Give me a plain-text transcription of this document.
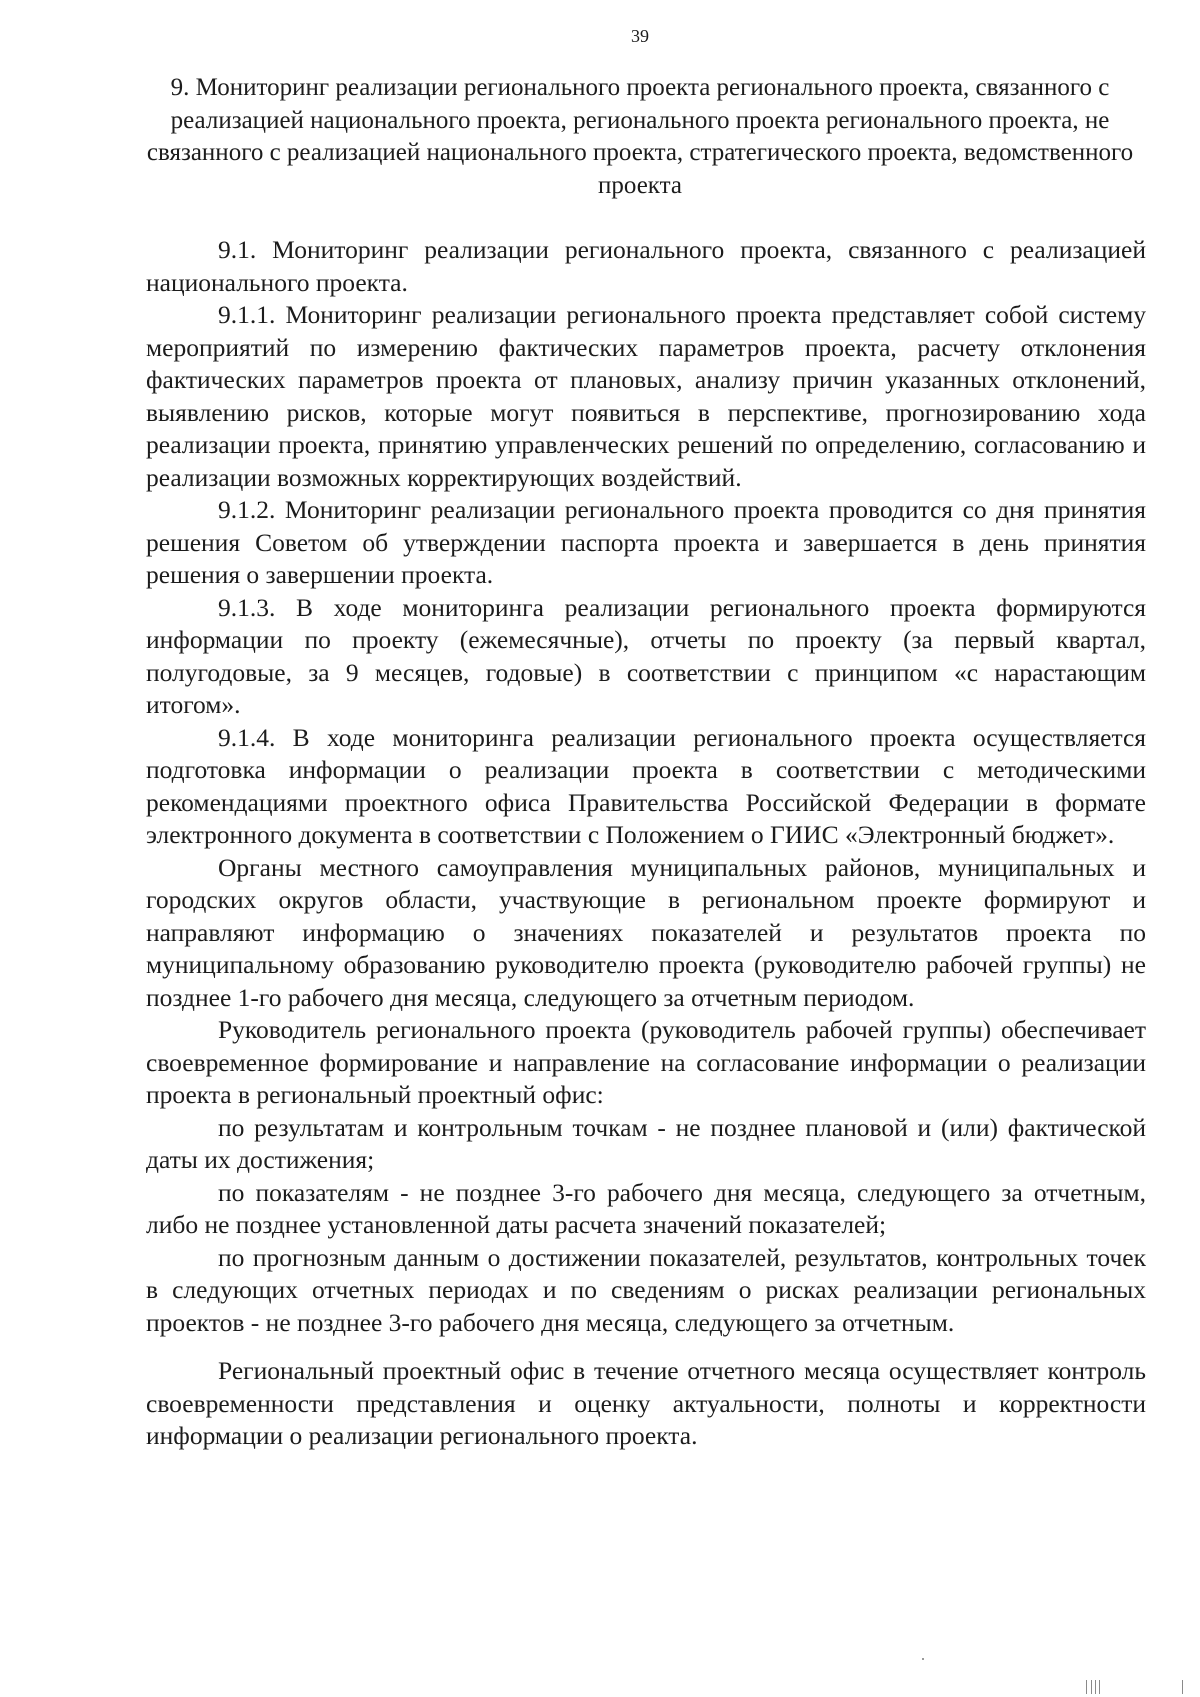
39
9. Мониторинг реализации регионального проекта регионального проекта, связанного с реализацией национального проекта, регионального проекта регионального проекта, не связанного с реализацией национального проекта, стратегического проекта, ведомственного проекта

9.1. Мониторинг реализации регионального проекта, связанного с реализацией национального проекта.

9.1.1. Мониторинг реализации регионального проекта представляет собой систему мероприятий по измерению фактических параметров проекта, расчету отклонения фактических параметров проекта от плановых, анализу причин указанных отклонений, выявлению рисков, которые могут появиться в перспективе, прогнозированию хода реализации проекта, принятию управленческих решений по определению, согласованию и реализации возможных корректирующих воздействий.

9.1.2. Мониторинг реализации регионального проекта проводится со дня принятия решения Советом об утверждении паспорта проекта и завершается в день принятия решения о завершении проекта.

9.1.3. В ходе мониторинга реализации регионального проекта формируются информации по проекту (ежемесячные), отчеты по проекту (за первый квартал, полугодовые, за 9 месяцев, годовые) в соответствии с принципом «с нарастающим итогом».

9.1.4. В ходе мониторинга реализации регионального проекта осуществляется подготовка информации о реализации проекта в соответствии с методическими рекомендациями проектного офиса Правительства Российской Федерации в формате электронного документа в соответствии с Положением о ГИИС «Электронный бюджет».

Органы местного самоуправления муниципальных районов, муниципальных и городских округов области, участвующие в региональном проекте формируют и направляют информацию о значениях показателей и результатов проекта по муниципальному образованию руководителю проекта (руководителю рабочей группы) не позднее 1-го рабочего дня месяца, следующего за отчетным периодом.

Руководитель регионального проекта (руководитель рабочей группы) обеспечивает своевременное формирование и направление на согласование информации о реализации проекта в региональный проектный офис:

по результатам и контрольным точкам - не позднее плановой и (или) фактической даты их достижения;

по показателям - не позднее 3-го рабочего дня месяца, следующего за отчетным, либо не позднее установленной даты расчета значений показателей;

по прогнозным данным о достижении показателей, результатов, контрольных точек в следующих отчетных периодах и по сведениям о рисках реализации региональных проектов - не позднее 3-го рабочего дня месяца, следующего за отчетным.

Региональный проектный офис в течение отчетного месяца осуществляет контроль своевременности представления и оценку актуальности, полноты и корректности информации о реализации регионального проекта.
